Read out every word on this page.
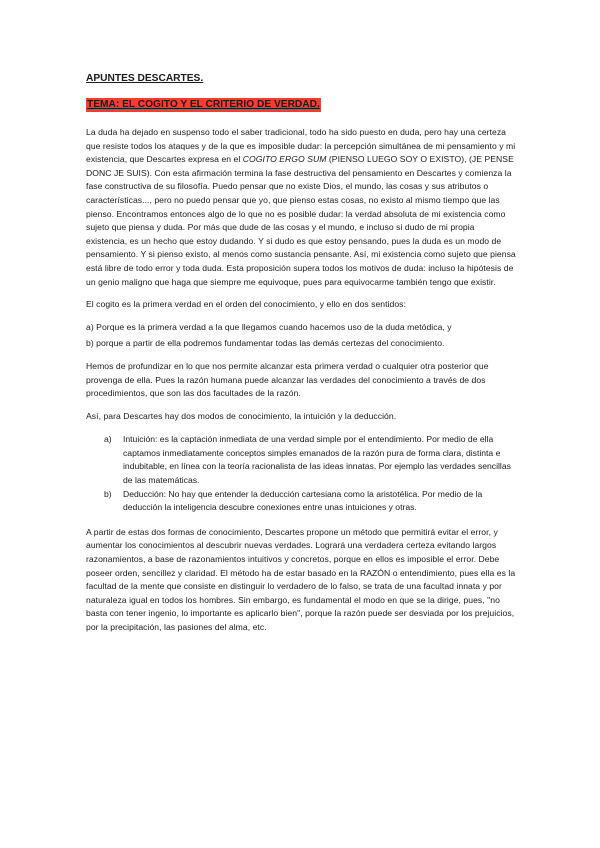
APUNTES DESCARTES.
TEMA: EL COGITO Y EL CRITERIO DE VERDAD.

La duda ha dejado en suspenso todo el saber tradicional, todo ha sido puesto en duda, pero hay una certeza que resiste todos los ataques y de la que es imposible dudar: la percepción simultánea de mi pensamiento y mi existencia, que Descartes expresa en el COGITO ERGO SUM (PIENSO LUEGO SOY O EXISTO), (JE PENSE DONC JE SUIS). Con esta afirmación termina la fase destructiva del pensamiento en Descartes y comienza la fase constructiva de su filosofía. Puedo pensar que no existe Dios, el mundo, las cosas y sus atributos o características..., pero no puedo pensar que yo, que pienso estas cosas, no existo al mismo tiempo que las pienso. Encontramos entonces algo de lo que no es posible dudar: la verdad absoluta de mi existencia como sujeto que piensa y duda. Por más que dude de las cosas y el mundo, e incluso si dudo de mi propia existencia, es un hecho que estoy dudando. Y si dudo es que estoy pensando, pues la duda es un modo de pensamiento. Y si pienso existo, al menos como sustancia pensante. Así, mi existencia como sujeto que piensa está libre de todo error y toda duda. Esta proposición supera todos los motivos de duda: incluso la hipótesis de un genio maligno que haga que siempre me equivoque, pues para equivocarme también tengo que existir.

El cogito es la primera verdad en el orden del conocimiento, y ello en dos sentidos:

a) Porque es la primera verdad a la que llegamos cuando hacemos uso de la duda metódica, y

b) porque a partir de ella podremos fundamentar todas las demás certezas del conocimiento.

Hemos de profundizar en lo que nos permite alcanzar esta primera verdad o cualquier otra posterior que provenga de ella. Pues la razón humana puede alcanzar las verdades del conocimiento a través de dos procedimientos, que son las dos facultades de la razón.

Así, para Descartes hay dos modos de conocimiento, la intuición y la deducción.

a) Intuición: es la captación inmediata de una verdad simple por el entendimiento. Por medio de ella captamos inmediatamente conceptos simples emanados de la razón pura de forma clara, distinta e indubitable, en línea con la teoría racionalista de las ideas innatas. Por ejemplo las verdades sencillas de las matemáticas.
b) Deducción: No hay que entender la deducción cartesiana como la aristotélica. Por medio de la deducción la inteligencia descubre conexiones entre unas intuiciones y otras.

A partir de estas dos formas de conocimiento, Descartes propone un método que permitirá evitar el error, y aumentar los conocimientos al descubrir nuevas verdades. Logrará una verdadera certeza evitando largos razonamientos, a base de razonamientos intuitivos y concretos, porque en ellos es imposible el error. Debe poseer orden, sencillez y claridad. El método ha de estar basado en la RAZÓN o entendimiento, pues ella es la facultad de la mente que consiste en distinguir lo verdadero de lo falso, se trata de una facultad innata y por naturaleza igual en todos los hombres. Sin embargo, es fundamental el modo en que se la dirige, pues, "no basta con tener ingenio, lo importante es aplicarlo bien", porque la razón puede ser desviada por los prejuicios, por la precipitación, las pasiones del alma, etc.
